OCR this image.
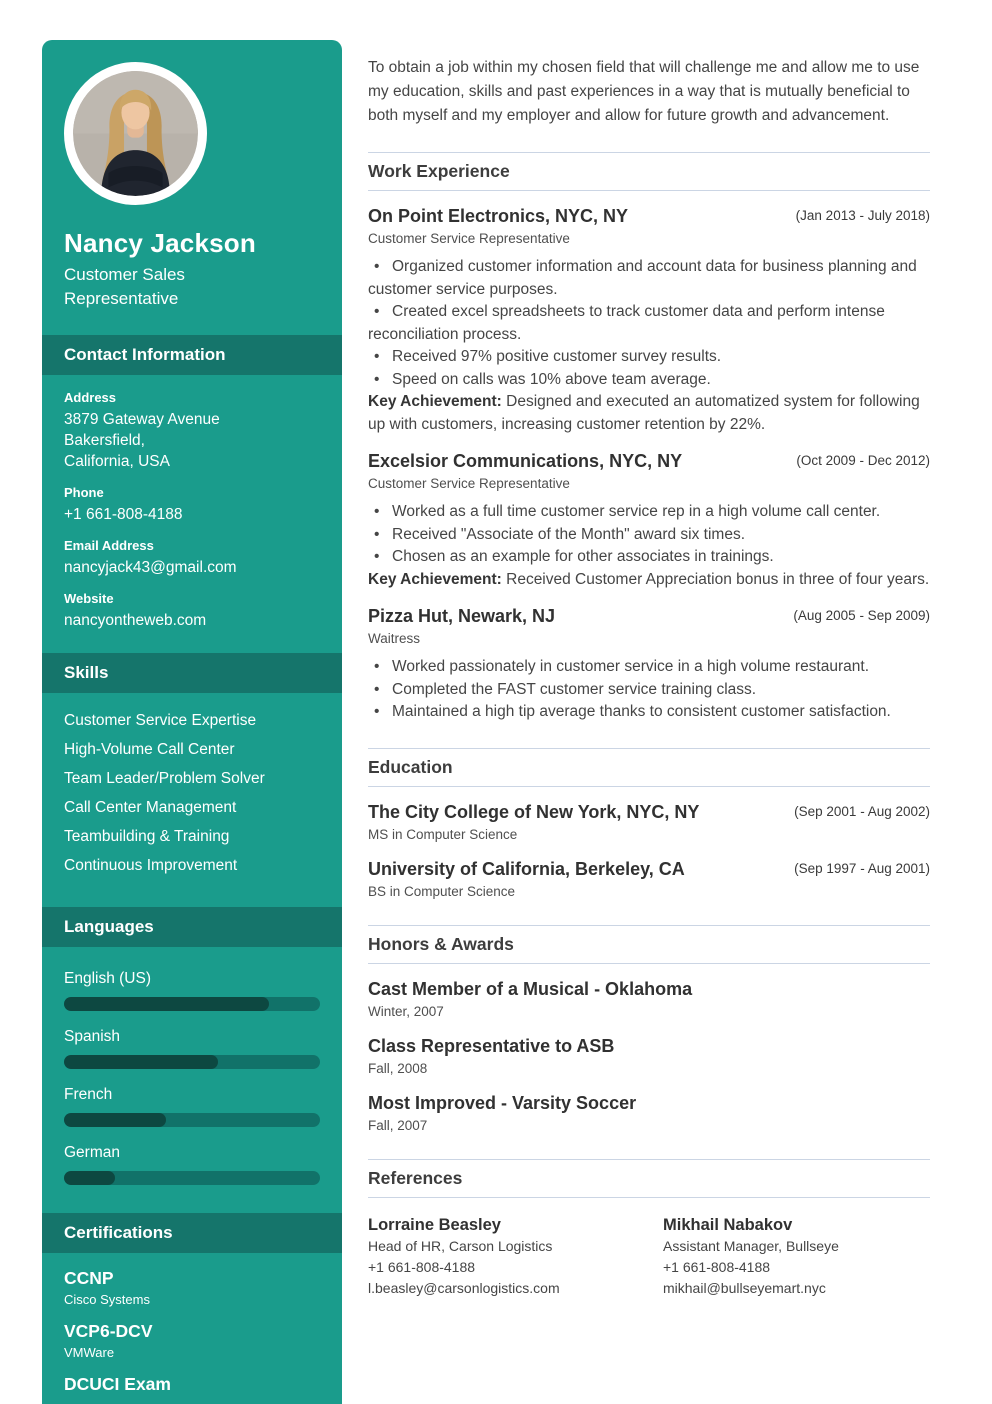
Nancy Jackson
Customer Sales Representative
Contact Information
Address
3879 Gateway Avenue
Bakersfield,
California, USA
Phone
+1 661-808-4188
Email Address
nancyjack43@gmail.com
Website
nancyontheweb.com
Skills
Customer Service Expertise
High-Volume Call Center
Team Leader/Problem Solver
Call Center Management
Teambuilding & Training
Continuous Improvement
Languages
English (US)
Spanish
French
German
Certifications
CCNP
Cisco Systems
VCP6-DCV
VMWare
DCUCI Exam

To obtain a job within my chosen field that will challenge me and allow me to use my education, skills and past experiences in a way that is mutually beneficial to both myself and my employer and allow for future growth and advancement.

Work Experience
On Point Electronics, NYC, NY	(Jan 2013 - July 2018)
Customer Service Representative

• Organized customer information and account data for business planning and customer service purposes.

• Created excel spreadsheets to track customer data and perform intense reconciliation process.

• Received 97% positive customer survey results.

• Speed on calls was 10% above team average.

Key Achievement: Designed and executed an automatized system for following up with customers, increasing customer retention by 22%.

Excelsior Communications, NYC, NY	(Oct 2009 - Dec 2012)
Customer Service Representative

• Worked as a full time customer service rep in a high volume call center.

• Received "Associate of the Month" award six times.

• Chosen as an example for other associates in trainings.

Key Achievement: Received Customer Appreciation bonus in three of four years.

Pizza Hut, Newark, NJ	(Aug 2005 - Sep 2009)
Waitress

• Worked passionately in customer service in a high volume restaurant.

• Completed the FAST customer service training class.

• Maintained a high tip average thanks to consistent customer satisfaction.

Education
The City College of New York, NYC, NY	(Sep 2001 - Aug 2002)
MS in Computer Science
University of California, Berkeley, CA	(Sep 1997 - Aug 2001)
BS in Computer Science
Honors & Awards
Cast Member of a Musical - Oklahoma
Winter, 2007
Class Representative to ASB
Fall, 2008
Most Improved - Varsity Soccer
Fall, 2007
References
Lorraine Beasley
Head of HR, Carson Logistics
+1 661-808-4188
l.beasley@carsonlogistics.com
Mikhail Nabakov
Assistant Manager, Bullseye
+1 661-808-4188
mikhail@bullseyemart.nyc
